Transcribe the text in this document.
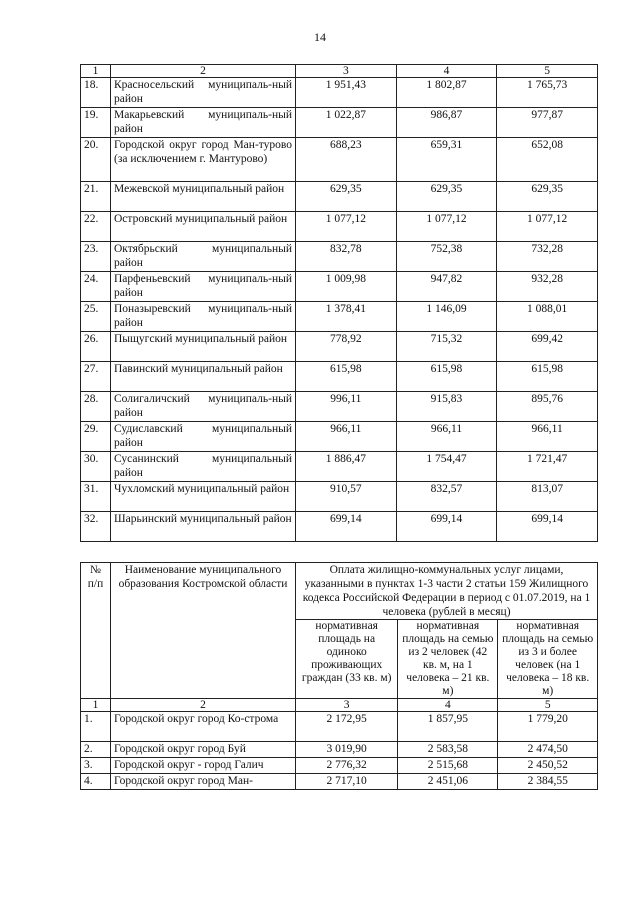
14
1	2	3	4	5
18.	Красносельский муниципаль-ный район	1 951,43	1 802,87	1 765,73
19.	Макарьевский муниципаль-ный район	1 022,87	986,87	977,87
20.	Городской округ город Ман-турово (за исключением г. Мантурово)	688,23	659,31	652,08
21.	Межевской муниципальный район	629,35	629,35	629,35
22.	Островский муниципальный район	1 077,12	1 077,12	1 077,12
23.	Октябрьский муниципальный район	832,78	752,38	732,28
24.	Парфеньевский муниципаль-ный район	1 009,98	947,82	932,28
25.	Поназыревский муниципаль-ный район	1 378,41	1 146,09	1 088,01
26.	Пыщугский муниципальный район	778,92	715,32	699,42
27.	Павинский муниципальный район	615,98	615,98	615,98
28.	Солигаличский муниципаль-ный район	996,11	915,83	895,76
29.	Судиславский муниципальный район	966,11	966,11	966,11
30.	Сусанинский муниципальный район	1 886,47	1 754,47	1 721,47
31.	Чухломский муниципальный район	910,57	832,57	813,07
32.	Шарьинский муниципальный район	699,14	699,14	699,14
№ п/п	Наименование муниципального образования Костромской области	Оплата жилищно-коммунальных услуг лицами, указанными в пунктах 1-3 части 2 статьи 159 Жилищного кодекса Российской Федерации в период с 01.07.2019, на 1 человека (рублей в месяц)		
		нормативная площадь на одиноко проживающих граждан (33 кв. м)	нормативная площадь на семью из 2 человек (42 кв. м, на 1 человека – 21 кв. м)	нормативная площадь на семью из 3 и более человек (на 1 человека – 18 кв. м)
1	2	3	4	5
1.	Городской округ город Ко-строма	2 172,95	1 857,95	1 779,20
2.	Городской округ город Буй	3 019,90	2 583,58	2 474,50
3.	Городской округ - город Галич	2 776,32	2 515,68	2 450,52
4.	Городской округ город Ман-	2 717,10	2 451,06	2 384,55
